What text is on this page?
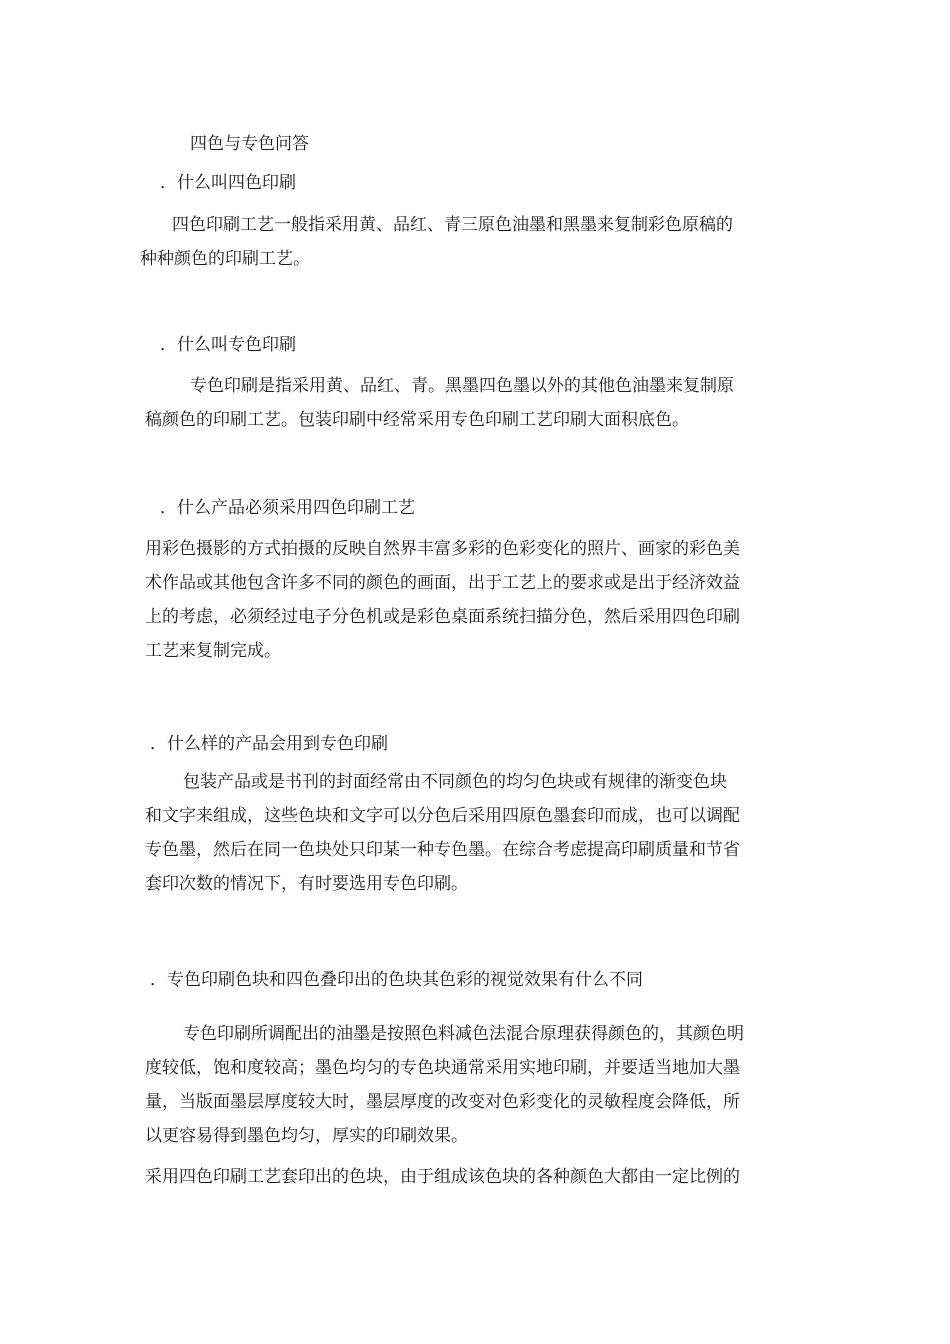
四色与专色问答
．什么叫四色印刷
四色印刷工艺一般指采用黄、品红、青三原色油墨和黑墨来复制彩色原稿的
种种颜色的印刷工艺。
．什么叫专色印刷
专色印刷是指采用黄、品红、青。黑墨四色墨以外的其他色油墨来复制原
稿颜色的印刷工艺。包装印刷中经常采用专色印刷工艺印刷大面积底色。
．什么产品必须采用四色印刷工艺
用彩色摄影的方式拍摄的反映自然界丰富多彩的色彩变化的照片、画家的彩色美
术作品或其他包含许多不同的颜色的画面，出于工艺上的要求或是出于经济效益
上的考虑，必须经过电子分色机或是彩色桌面系统扫描分色，然后采用四色印刷
工艺来复制完成。
．什么样的产品会用到专色印刷
包装产品或是书刊的封面经常由不同颜色的均匀色块或有规律的渐变色块
和文字来组成，这些色块和文字可以分色后采用四原色墨套印而成，也可以调配
专色墨，然后在同一色块处只印某一种专色墨。在综合考虑提高印刷质量和节省
套印次数的情况下，有时要选用专色印刷。
．专色印刷色块和四色叠印出的色块其色彩的视觉效果有什么不同
专色印刷所调配出的油墨是按照色料减色法混合原理获得颜色的，其颜色明
度较低，饱和度较高；墨色均匀的专色块通常采用实地印刷，并要适当地加大墨
量，当版面墨层厚度较大时，墨层厚度的改变对色彩变化的灵敏程度会降低，所
以更容易得到墨色均匀，厚实的印刷效果。
采用四色印刷工艺套印出的色块，由于组成该色块的各种颜色大都由一定比例的
